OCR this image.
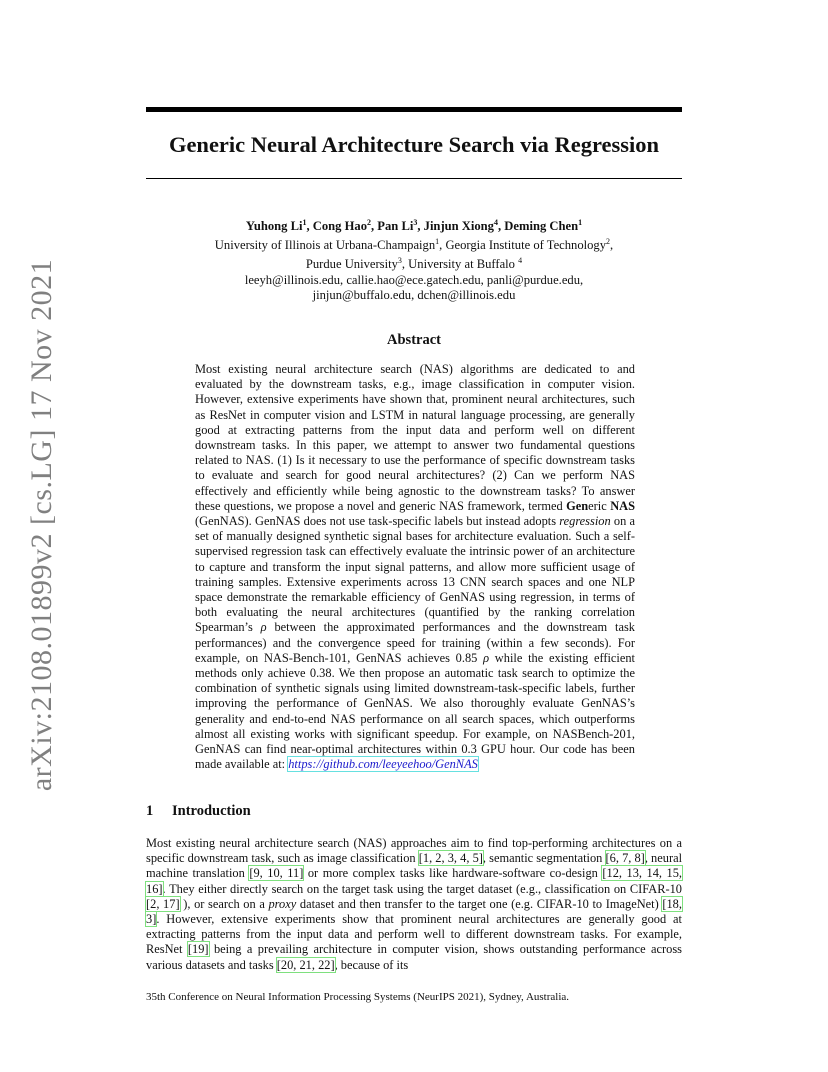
arXiv:2108.01899v2 [cs.LG] 17 Nov 2021
Generic Neural Architecture Search via Regression
Yuhong Li$^1$, Cong Hao$^2$, Pan Li$^3$, Jinjun Xiong$^4$, Deming Chen$^1$
University of Illinois at Urbana-Champaign$^1$, Georgia Institute of Technology$^2$,
Purdue University$^3$, University at Buffalo $^4$
leeyh@illinois.edu, callie.hao@ece.gatech.edu, panli@purdue.edu,
jinjun@buffalo.edu, dchen@illinois.edu
Abstract

Most existing neural architecture search (NAS) algorithms are dedicated to and evaluated by the downstream tasks, e.g., image classification in computer vision. However, extensive experiments have shown that, prominent neural architectures, such as ResNet in computer vision and LSTM in natural language processing, are generally good at extracting patterns from the input data and perform well on different downstream tasks. In this paper, we attempt to answer two fundamental questions related to NAS. (1) Is it necessary to use the performance of specific downstream tasks to evaluate and search for good neural architectures? (2) Can we perform NAS effectively and efficiently while being agnostic to the downstream tasks? To answer these questions, we propose a novel and generic NAS framework, termed Generic NAS (GenNAS). GenNAS does not use task-specific labels but instead adopts regression on a set of manually designed synthetic signal bases for architecture evaluation. Such a self-supervised regression task can effectively evaluate the intrinsic power of an architecture to capture and transform the input signal patterns, and allow more sufficient usage of training samples. Extensive experiments across 13 CNN search spaces and one NLP space demonstrate the remarkable efficiency of GenNAS using regression, in terms of both evaluating the neural architectures (quantified by the ranking correlation Spearman’s ρ between the approximated performances and the downstream task performances) and the convergence speed for training (within a few seconds). For example, on NAS-Bench-101, GenNAS achieves 0.85 ρ while the existing efficient methods only achieve 0.38. We then propose an automatic task search to optimize the combination of synthetic signals using limited downstream-task-specific labels, further improving the performance of GenNAS. We also thoroughly evaluate GenNAS’s generality and end-to-end NAS performance on all search spaces, which outperforms almost all existing works with significant speedup. For example, on NASBench-201, GenNAS can find near-optimal architectures within 0.3 GPU hour. Our code has been made available at: https://github.com/leeyeehoo/GenNAS

1 Introduction

Most existing neural architecture search (NAS) approaches aim to find top-performing architectures on a specific downstream task, such as image classification [1, 2, 3, 4, 5], semantic segmentation [6, 7, 8], neural machine translation [9, 10, 11] or more complex tasks like hardware-software co-design [12, 13, 14, 15, 16]. They either directly search on the target task using the target dataset (e.g., classification on CIFAR-10 [2, 17] ), or search on a proxy dataset and then transfer to the target one (e.g. CIFAR-10 to ImageNet) [18, 3]. However, extensive experiments show that prominent neural architectures are generally good at extracting patterns from the input data and perform well to different downstream tasks. For example, ResNet [19] being a prevailing architecture in computer vision, shows outstanding performance across various datasets and tasks [20, 21, 22], because of its

35th Conference on Neural Information Processing Systems (NeurIPS 2021), Sydney, Australia.
